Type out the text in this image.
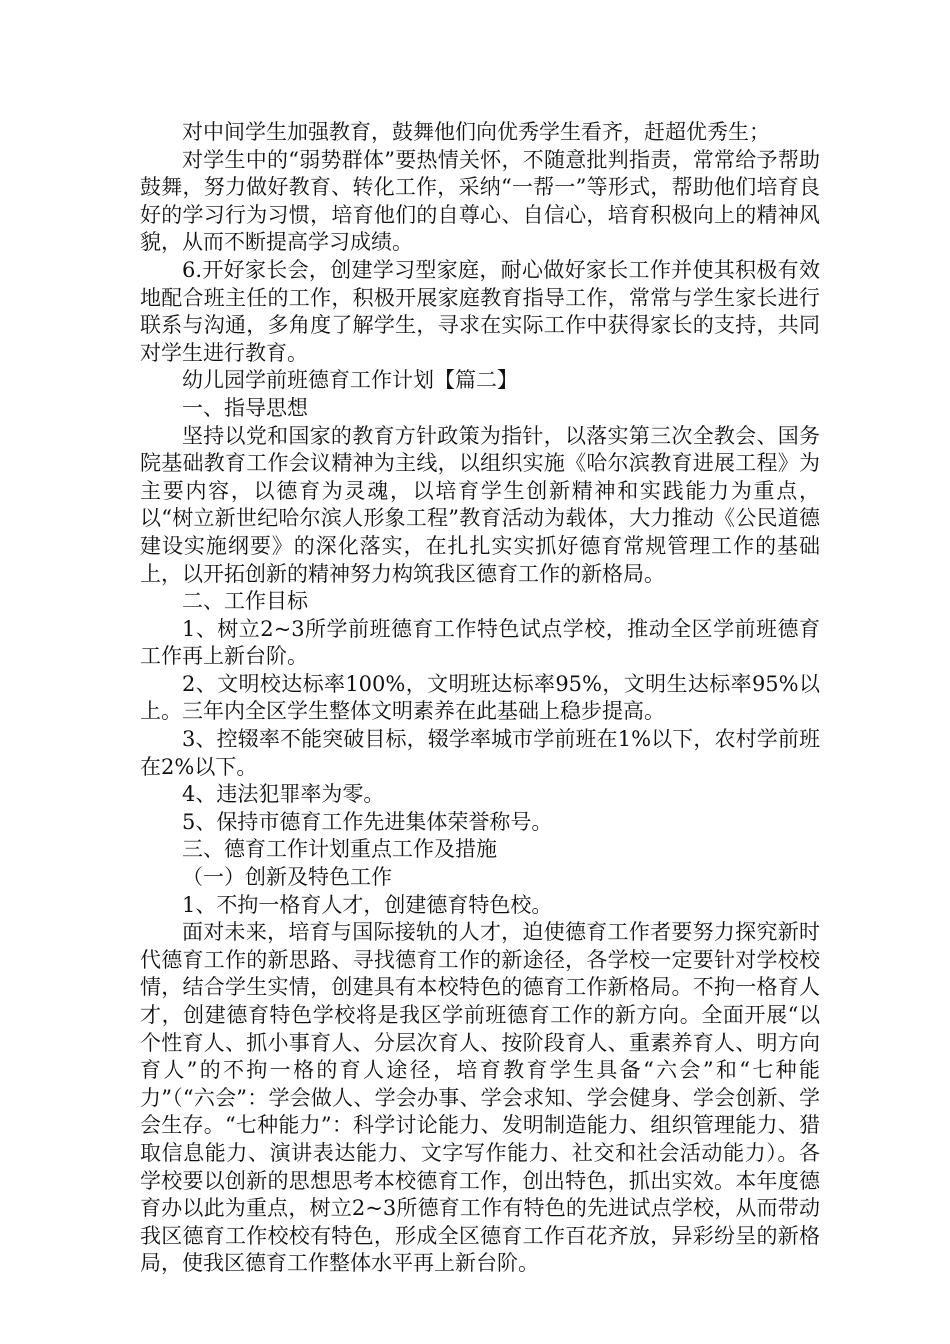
对中间学生加强教育，鼓舞他们向优秀学生看齐，赶超优秀生；

对学生中的“弱势群体”要热情关怀，不随意批判指责，常常给予帮助鼓舞，努力做好教育、转化工作，采纳“一帮一”等形式，帮助他们培育良好的学习行为习惯，培育他们的自尊心、自信心，培育积极向上的精神风貌，从而不断提高学习成绩。

6.开好家长会，创建学习型家庭，耐心做好家长工作并使其积极有效地配合班主任的工作，积极开展家庭教育指导工作，常常与学生家长进行联系与沟通，多角度了解学生，寻求在实际工作中获得家长的支持，共同对学生进行教育。

幼儿园学前班德育工作计划【篇二】

一、指导思想

坚持以党和国家的教育方针政策为指针，以落实第三次全教会、国务院基础教育工作会议精神为主线，以组织实施《哈尔滨教育进展工程》为主要内容，以德育为灵魂，以培育学生创新精神和实践能力为重点，以“树立新世纪哈尔滨人形象工程”教育活动为载体，大力推动《公民道德建设实施纲要》的深化落实，在扎扎实实抓好德育常规管理工作的基础上，以开拓创新的精神努力构筑我区德育工作的新格局。

二、工作目标

1、树立2~3所学前班德育工作特色试点学校，推动全区学前班德育工作再上新台阶。

2、文明校达标率100%，文明班达标率95%，文明生达标率95%以上。三年内全区学生整体文明素养在此基础上稳步提高。

3、控辍率不能突破目标，辍学率城市学前班在1%以下，农村学前班在2%以下。

4、违法犯罪率为零。

5、保持市德育工作先进集体荣誉称号。

三、德育工作计划重点工作及措施

（一）创新及特色工作

1、不拘一格育人才，创建德育特色校。

面对未来，培育与国际接轨的人才，迫使德育工作者要努力探究新时代德育工作的新思路、寻找德育工作的新途径，各学校一定要针对学校校情，结合学生实情，创建具有本校特色的德育工作新格局。不拘一格育人才，创建德育特色学校将是我区学前班德育工作的新方向。全面开展“以个性育人、抓小事育人、分层次育人、按阶段育人、重素养育人、明方向育人”的不拘一格的育人途径，培育教育学生具备“六会”和“七种能力”（“六会”：学会做人、学会办事、学会求知、学会健身、学会创新、学会生存。“七种能力”：科学讨论能力、发明制造能力、组织管理能力、猎取信息能力、演讲表达能力、文字写作能力、社交和社会活动能力）。各学校要以创新的思想思考本校德育工作，创出特色，抓出实效。本年度德育办以此为重点，树立2~3所德育工作有特色的先进试点学校，从而带动我区德育工作校校有特色，形成全区德育工作百花齐放，异彩纷呈的新格局，使我区德育工作整体水平再上新台阶。
